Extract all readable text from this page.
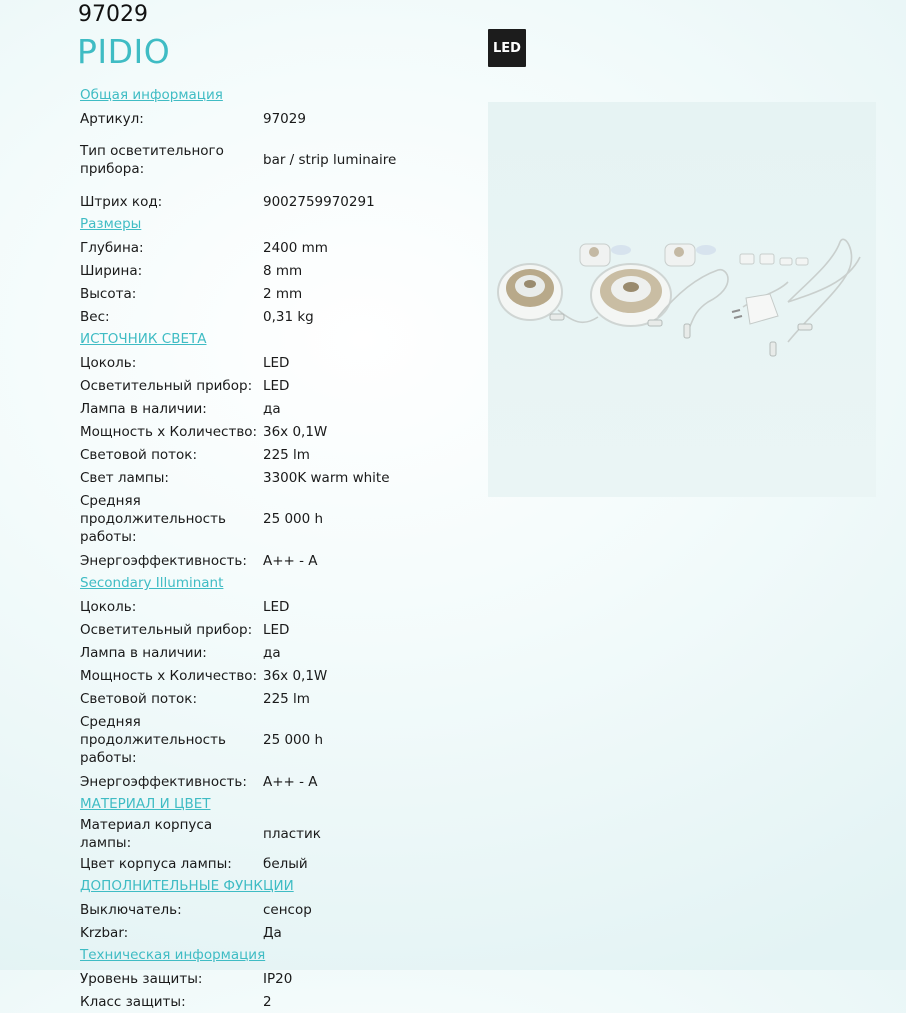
97029
PIDIO	LED
Общая информация
Артикул:	97029
Тип осветительного прибора:
bar / strip luminaire
Штрих код:	9002759970291
Размеры
Глубина:	2400 mm
Ширина:	8 mm
Высота:	2 mm
Вес:	0,31 kg
ИСТОЧНИК СВЕТА
Цоколь:	LED
Осветительный прибор: LED
Лампа в наличии:	да
Мощность x Количество: 36x 0,1W
Световой поток:	225 lm
Свет лампы:	3300K warm white
Средняя продолжительность работы:
25 000 h
Энергоэффективность:	A++ - A
Secondary Illuminant
Цоколь:	LED
Осветительный прибор: LED
Лампа в наличии:	да
Мощность x Количество: 36x 0,1W
Световой поток:	225 lm
Средняя продолжительность работы:
25 000 h
Энергоэффективность:	A++ - A
МАТЕРИАЛ И ЦВЕТ
Материал корпуса лампы:
пластик
Цвет корпуса лампы:	белый
ДОПОЛНИТЕЛЬНЫЕ ФУНКЦИИ
Выключатель:	сенсор
Krzbar:	Да
Техническая информация
Уровень защиты:	IP20
Класс защиты:	2
